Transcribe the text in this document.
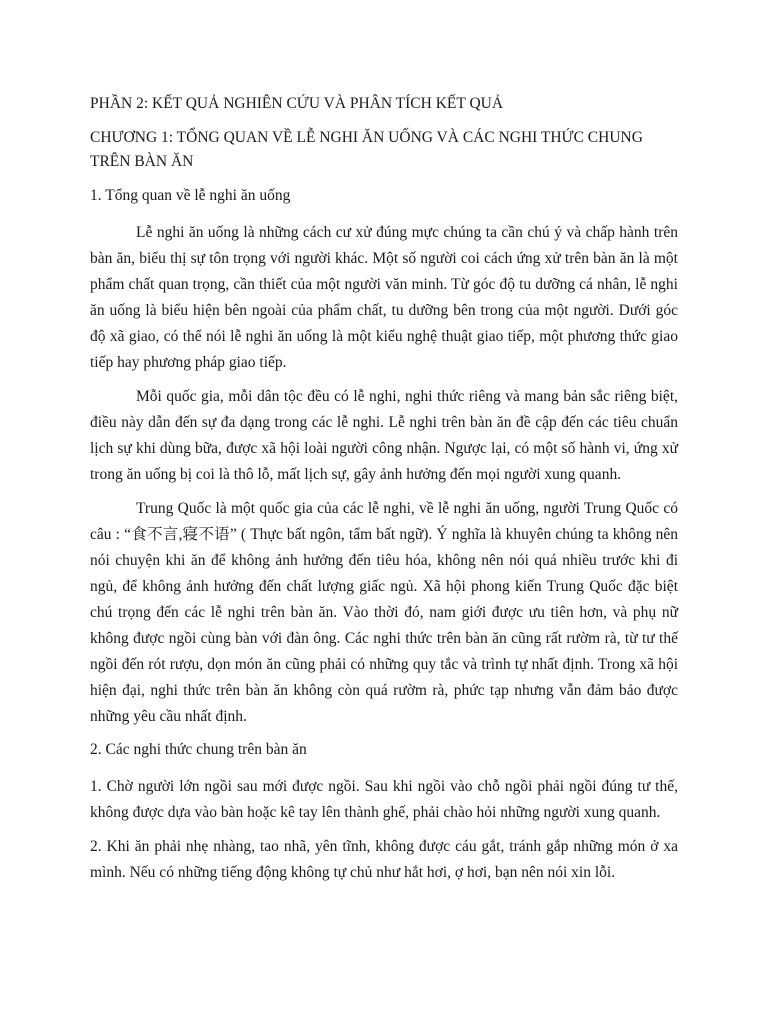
PHẦN 2: KẾT QUẢ NGHIÊN CỨU VÀ PHÂN TÍCH KẾT QUẢ
CHƯƠNG 1: TỔNG QUAN VỀ LỄ NGHI ĂN UỐNG VÀ CÁC NGHI THỨC CHUNG TRÊN BÀN ĂN
1. Tổng quan về lễ nghi ăn uống

Lễ nghi ăn uống là những cách cư xử đúng mực chúng ta cần chú ý và chấp hành trên bàn ăn, biểu thị sự tôn trọng với người khác. Một số người coi cách ứng xử trên bàn ăn là một phẩm chất quan trọng, cần thiết của một người văn minh. Từ góc độ tu dưỡng cá nhân, lễ nghi ăn uống là biểu hiện bên ngoài của phẩm chất, tu dưỡng bên trong của một người. Dưới góc độ xã giao, có thể nói lễ nghi ăn uống là một kiểu nghệ thuật giao tiếp, một phương thức giao tiếp hay phương pháp giao tiếp.

Mỗi quốc gia, mỗi dân tộc đều có lễ nghi, nghi thức riêng và mang bản sắc riêng biệt, điều này dẫn đến sự đa dạng trong các lễ nghi. Lễ nghi trên bàn ăn đề cập đến các tiêu chuẩn lịch sự khi dùng bữa, được xã hội loài người công nhận. Ngược lại, có một số hành vi, ứng xử trong ăn uống bị coi là thô lỗ, mất lịch sự, gây ảnh hưởng đến mọi người xung quanh.

Trung Quốc là một quốc gia của các lễ nghi, về lễ nghi ăn uống, người Trung Quốc có câu : “食不言,寝不语” ( Thực bất ngôn, tẩm bất ngữ). Ý nghĩa là khuyên chúng ta không nên nói chuyện khi ăn để không ảnh hưởng đến tiêu hóa, không nên nói quá nhiều trước khi đi ngủ, để không ảnh hưởng đến chất lượng giấc ngủ. Xã hội phong kiến Trung Quốc đặc biệt chú trọng đến các lễ nghi trên bàn ăn. Vào thời đó, nam giới được ưu tiên hơn, và phụ nữ không được ngồi cùng bàn với đàn ông. Các nghi thức trên bàn ăn cũng rất rườm rà, từ tư thế ngồi đến rót rượu, dọn món ăn cũng phải có những quy tắc và trình tự nhất định. Trong xã hội hiện đại, nghi thức trên bàn ăn không còn quá rườm rà, phức tạp nhưng vẫn đảm bảo được những yêu cầu nhất định.

2. Các nghi thức chung trên bàn ăn

1. Chờ người lớn ngồi sau mới được ngồi. Sau khi ngồi vào chỗ ngồi phải ngồi đúng tư thế, không được dựa vào bàn hoặc kê tay lên thành ghế, phải chào hỏi những người xung quanh.

2. Khi ăn phải nhẹ nhàng, tao nhã, yên tĩnh, không được cáu gắt, tránh gắp những món ở xa mình. Nếu có những tiếng động không tự chủ như hắt hơi, ợ hơi, bạn nên nói xin lỗi.
